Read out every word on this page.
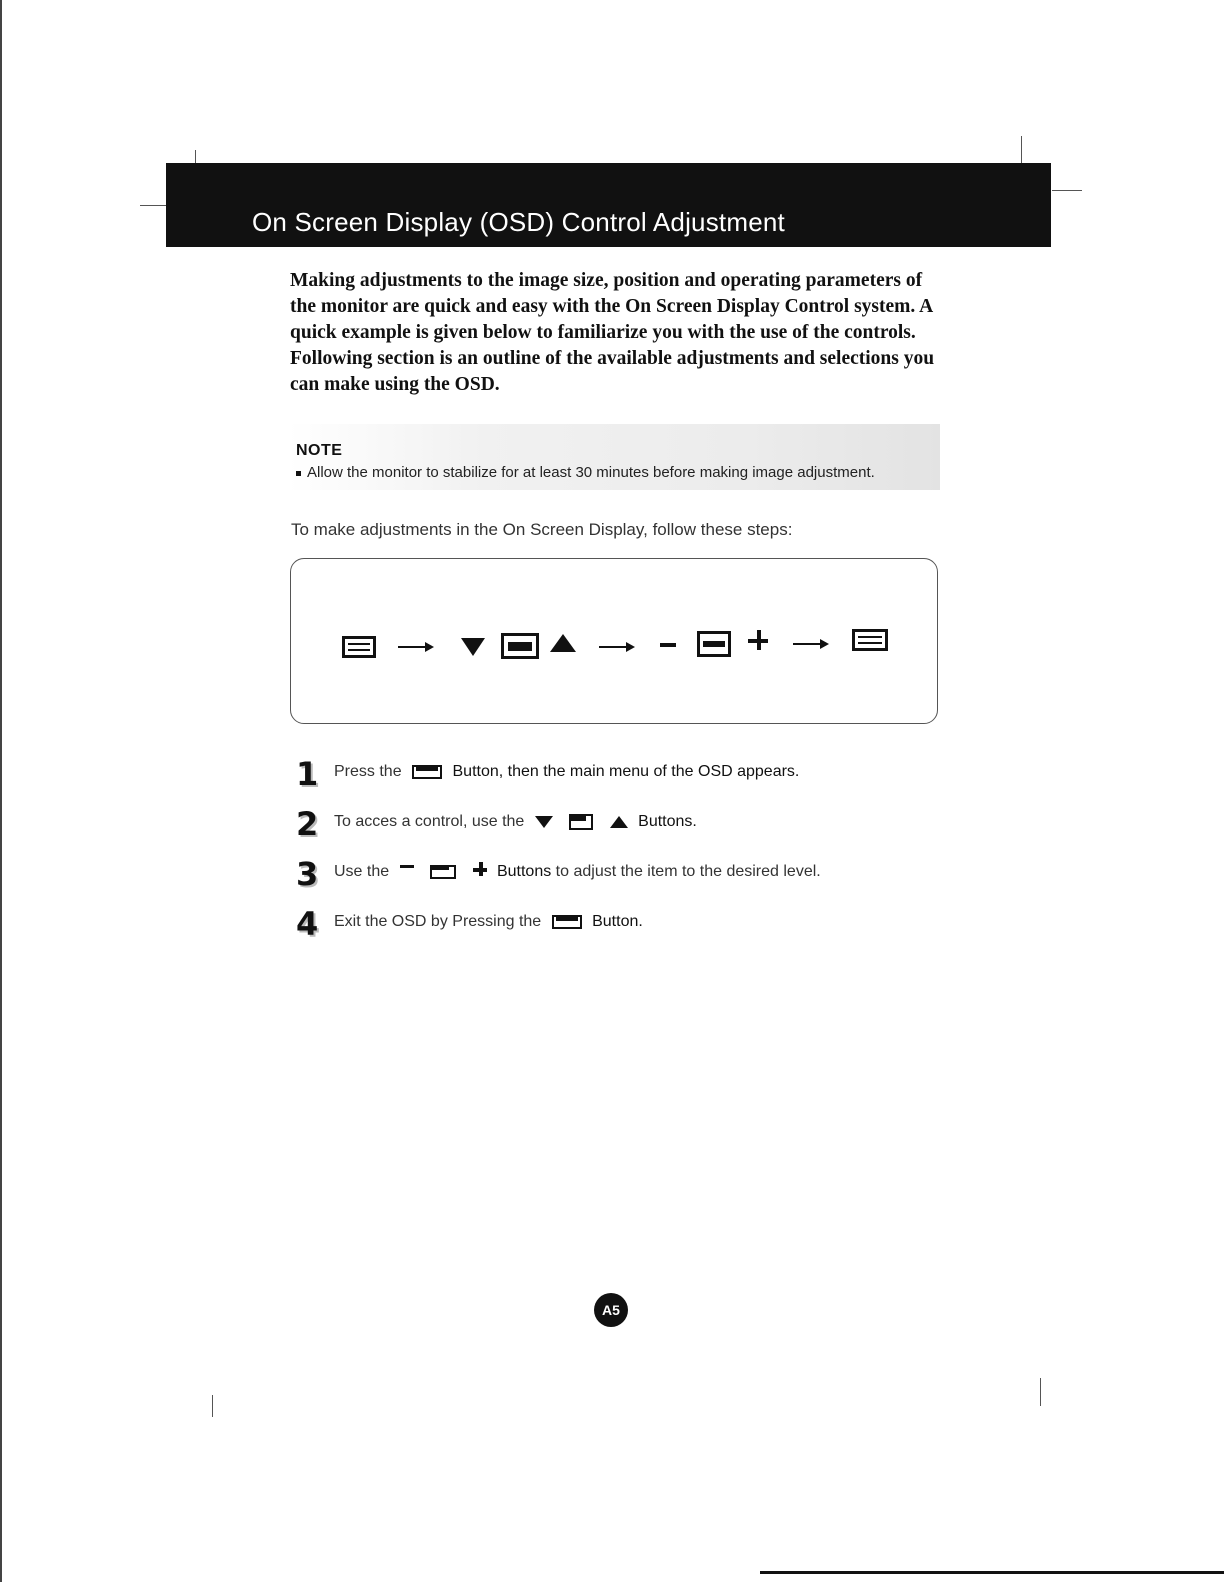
On Screen Display (OSD) Control Adjustment

Making adjustments to the image size, position and operating parameters of the monitor are quick and easy with the On Screen Display Control system. A quick example is given below to familiarize you with the use of the controls. Following section is an outline of the available adjustments and selections you can make using the OSD.

NOTE
Allow the monitor to stabilize for at least 30 minutes before making image adjustment.
To make adjustments in the On Screen Display, follow these steps:
1 Press the	Button, then the main menu of the OSD appears.
2 To acces a control, use the	Buttons.
3 Use the	Buttons to adjust the item to the desired level.
4 Exit the OSD by Pressing the	Button.
A5
